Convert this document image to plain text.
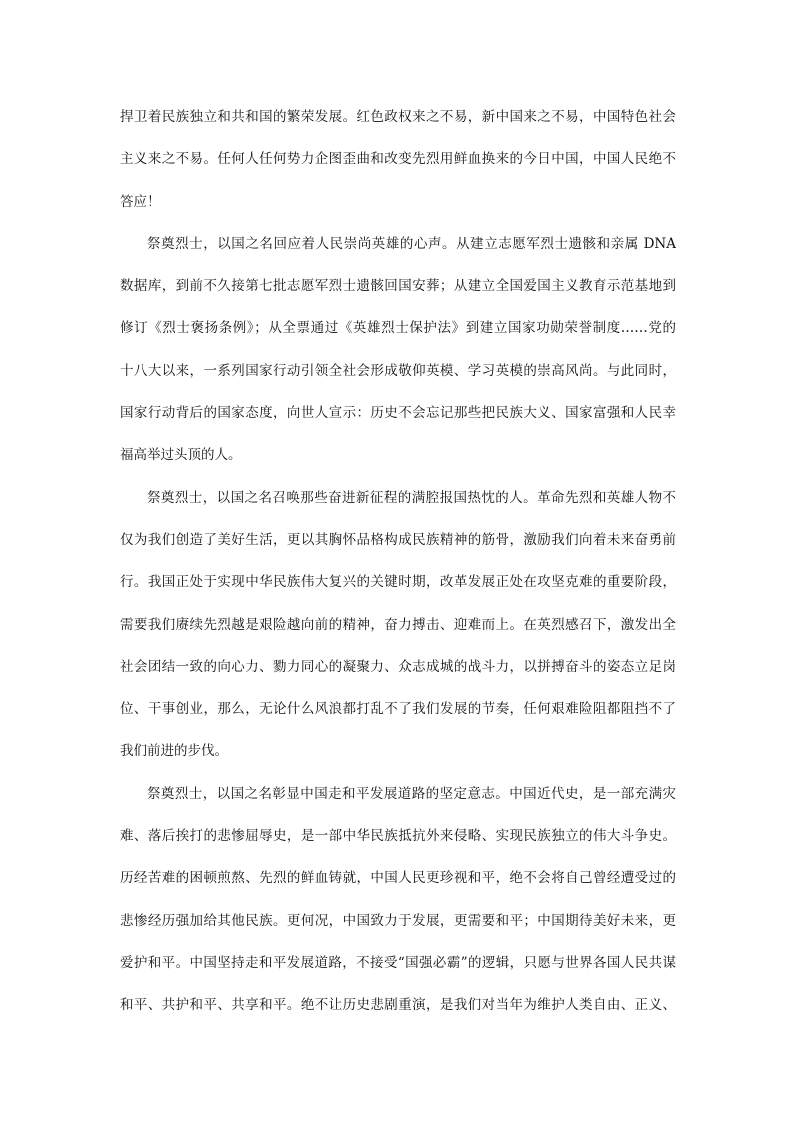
捍卫着民族独立和共和国的繁荣发展。红色政权来之不易，新中国来之不易，中国特色社会
主义来之不易。任何人任何势力企图歪曲和改变先烈用鲜血换来的今日中国，中国人民绝不
答应！
祭奠烈士，以国之名回应着人民崇尚英雄的心声。从建立志愿军烈士遗骸和亲属 DNA
数据库，到前不久接第七批志愿军烈士遗骸回国安葬；从建立全国爱国主义教育示范基地到
修订《烈士褒扬条例》；从全票通过《英雄烈士保护法》到建立国家功勋荣誉制度……党的
十八大以来，一系列国家行动引领全社会形成敬仰英模、学习英模的崇高风尚。与此同时，
国家行动背后的国家态度，向世人宣示：历史不会忘记那些把民族大义、国家富强和人民幸
福高举过头顶的人。
祭奠烈士，以国之名召唤那些奋进新征程的满腔报国热忱的人。革命先烈和英雄人物不
仅为我们创造了美好生活，更以其胸怀品格构成民族精神的筋骨，激励我们向着未来奋勇前
行。我国正处于实现中华民族伟大复兴的关键时期，改革发展正处在攻坚克难的重要阶段，
需要我们赓续先烈越是艰险越向前的精神，奋力搏击、迎难而上。在英烈感召下，激发出全
社会团结一致的向心力、勠力同心的凝聚力、众志成城的战斗力，以拼搏奋斗的姿态立足岗
位、干事创业，那么，无论什么风浪都打乱不了我们发展的节奏，任何艰难险阻都阻挡不了
我们前进的步伐。
祭奠烈士，以国之名彰显中国走和平发展道路的坚定意志。中国近代史，是一部充满灾
难、落后挨打的悲惨屈辱史，是一部中华民族抵抗外来侵略、实现民族独立的伟大斗争史。
历经苦难的困顿煎熬、先烈的鲜血铸就，中国人民更珍视和平，绝不会将自己曾经遭受过的
悲惨经历强加给其他民族。更何况，中国致力于发展，更需要和平；中国期待美好未来，更
爱护和平。中国坚持走和平发展道路，不接受“国强必霸”的逻辑，只愿与世界各国人民共谋
和平、共护和平、共享和平。绝不让历史悲剧重演，是我们对当年为维护人类自由、正义、
